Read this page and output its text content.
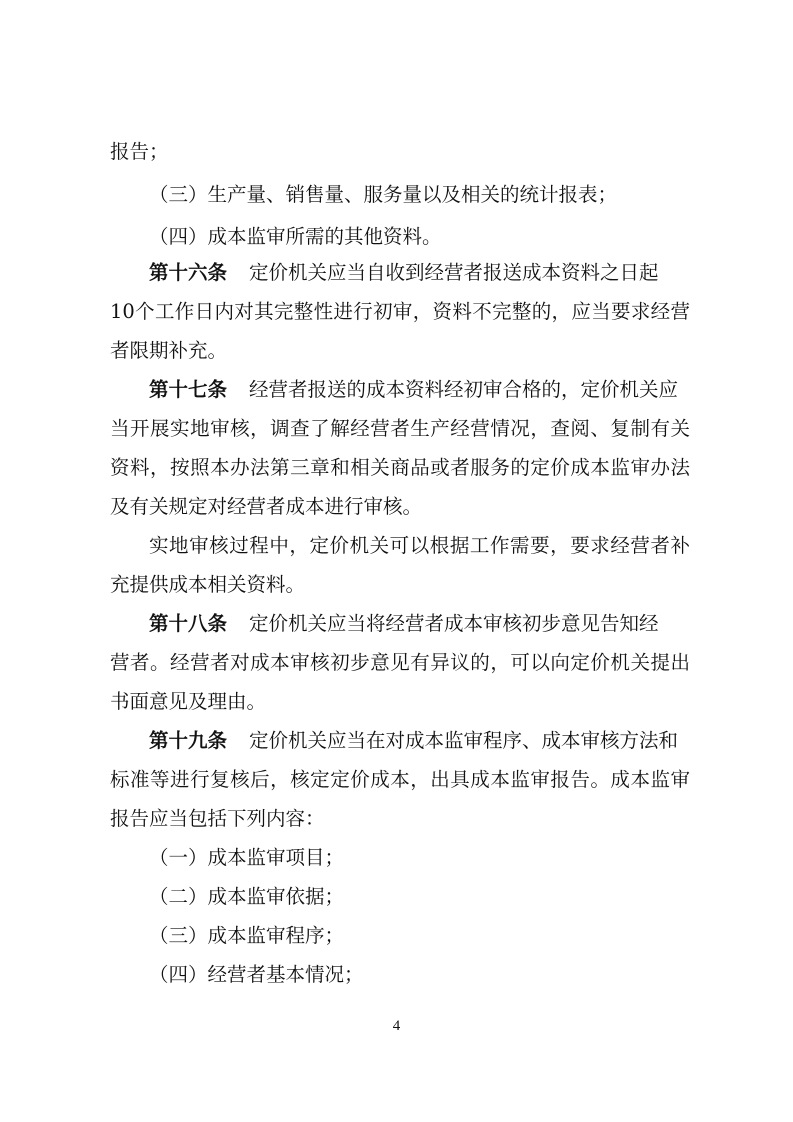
报告；
（三）生产量、销售量、服务量以及相关的统计报表；
（四）成本监审所需的其他资料。
第十六条 定价机关应当自收到经营者报送成本资料之日起
10个工作日内对其完整性进行初审，资料不完整的，应当要求经营
者限期补充。
第十七条 经营者报送的成本资料经初审合格的，定价机关应
当开展实地审核，调查了解经营者生产经营情况，查阅、复制有关
资料，按照本办法第三章和相关商品或者服务的定价成本监审办法
及有关规定对经营者成本进行审核。
实地审核过程中，定价机关可以根据工作需要，要求经营者补
充提供成本相关资料。
第十八条 定价机关应当将经营者成本审核初步意见告知经
营者。经营者对成本审核初步意见有异议的，可以向定价机关提出
书面意见及理由。
第十九条 定价机关应当在对成本监审程序、成本审核方法和
标准等进行复核后，核定定价成本，出具成本监审报告。成本监审
报告应当包括下列内容：
（一）成本监审项目；
（二）成本监审依据；
（三）成本监审程序；
（四）经营者基本情况；
4
